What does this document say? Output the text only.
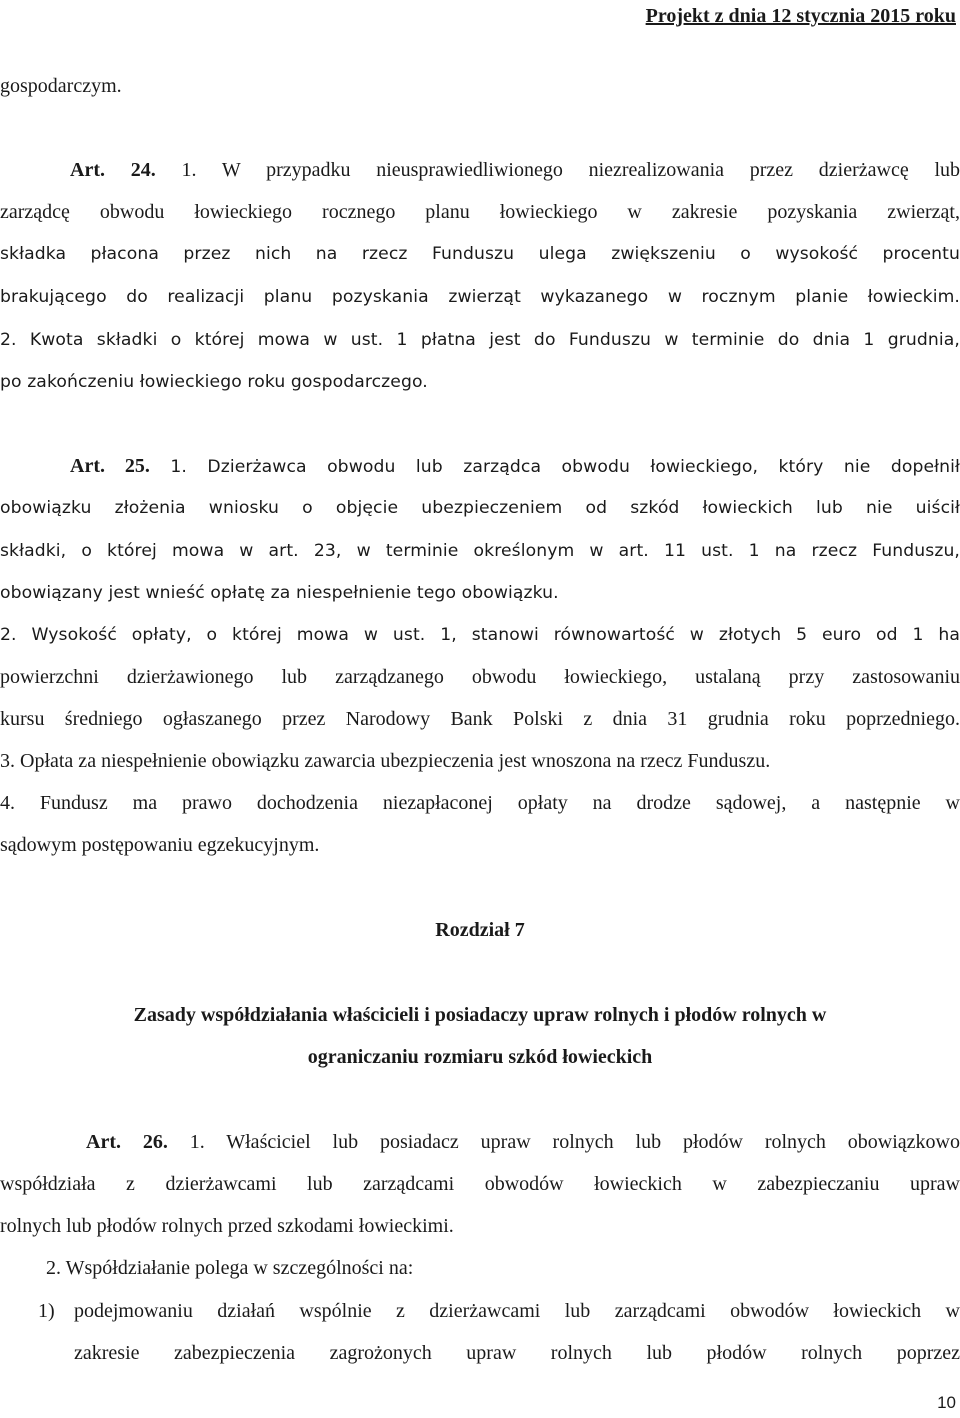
Projekt z dnia 12 stycznia 2015 roku
gospodarczym.
Art. 24. 1. W przypadku nieusprawiedliwionego niezrealizowania przez dzierżawcę lub
zarządcę obwodu łowieckiego rocznego planu łowieckiego w zakresie pozyskania zwierząt,
składka płacona przez nich na rzecz Funduszu ulega zwiększeniu o wysokość procentu
brakującego do realizacji planu pozyskania zwierząt wykazanego w rocznym planie łowieckim.
2. Kwota składki o której mowa w ust. 1 płatna jest do Funduszu w terminie do dnia 1 grudnia,
po zakończeniu łowieckiego roku gospodarczego.
Art. 25. 1. Dzierżawca obwodu lub zarządca obwodu łowieckiego, który nie dopełnił
obowiązku złożenia wniosku o objęcie ubezpieczeniem od szkód łowieckich lub nie uiścił
składki, o której mowa w art. 23, w terminie określonym w art. 11 ust. 1 na rzecz Funduszu,
obowiązany jest wnieść opłatę za niespełnienie tego obowiązku.
2. Wysokość opłaty, o której mowa w ust. 1, stanowi równowartość w złotych 5 euro od 1 ha
powierzchni dzierżawionego lub zarządzanego obwodu łowieckiego, ustalaną przy zastosowaniu
kursu średniego ogłaszanego przez Narodowy Bank Polski z dnia 31 grudnia roku poprzedniego.
3. Opłata za niespełnienie obowiązku zawarcia ubezpieczenia jest wnoszona na rzecz Funduszu.
4. Fundusz ma prawo dochodzenia niezapłaconej opłaty na drodze sądowej, a następnie w
sądowym postępowaniu egzekucyjnym.
Rozdział 7
Zasady współdziałania właścicieli i posiadaczy upraw rolnych i płodów rolnych w
ograniczaniu rozmiaru szkód łowieckich
Art. 26. 1. Właściciel lub posiadacz upraw rolnych lub płodów rolnych obowiązkowo
współdziała z dzierżawcami lub zarządcami obwodów łowieckich w zabezpieczaniu upraw
rolnych lub płodów rolnych przed szkodami łowieckimi.
2. Współdziałanie polega w szczególności na:
1) podejmowaniu działań wspólnie z dzierżawcami lub zarządcami obwodów łowieckich w
zakresie zabezpieczenia zagrożonych upraw rolnych lub płodów rolnych poprzez
10
